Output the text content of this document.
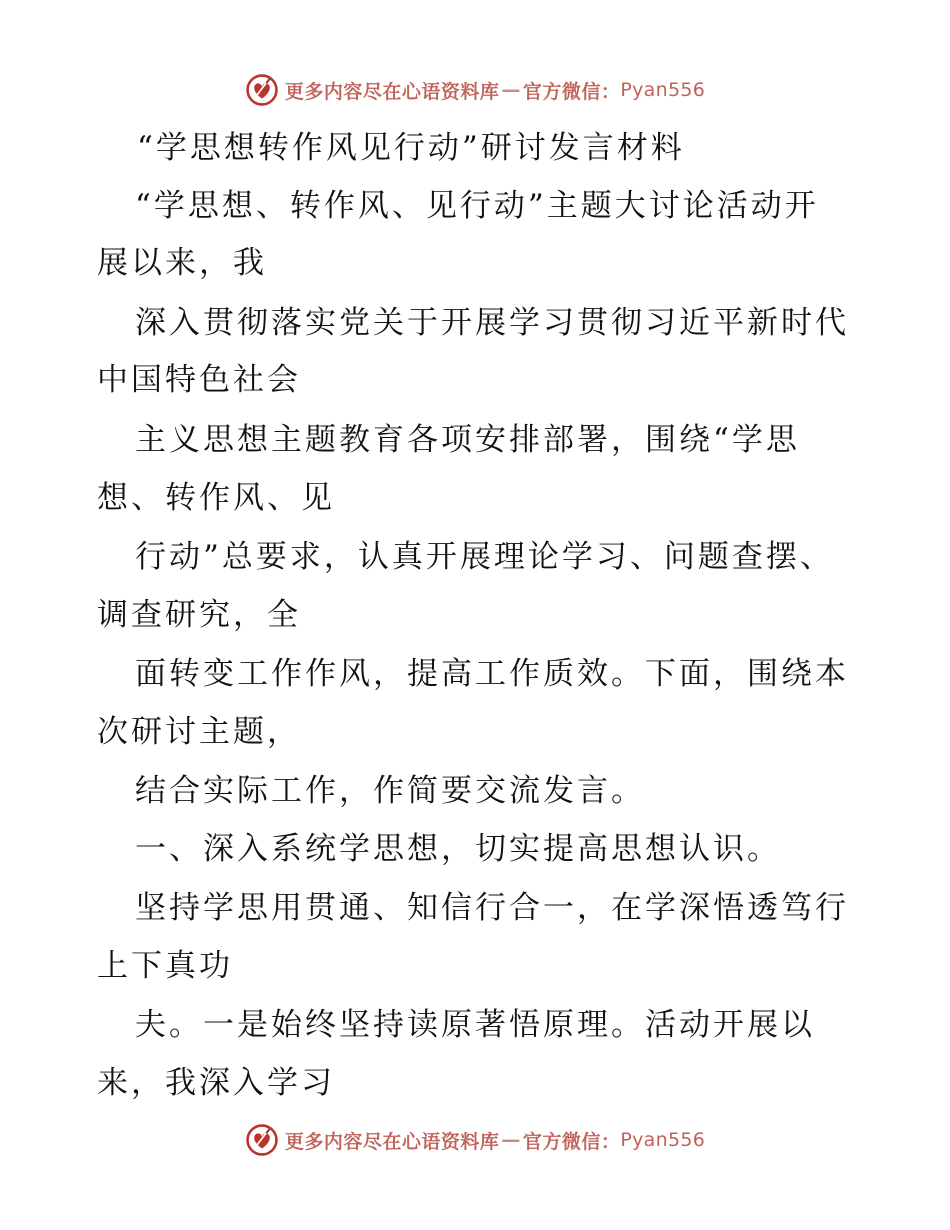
更多内容尽在心语资料库 — 官方微信： Pyan556
“学思想转作风见行动”研讨发言材料
“学思想、转作风、见行动”主题大讨论活动开
展以来，我
深入贯彻落实党关于开展学习贯彻习近平新时代
中国特色社会
主义思想主题教育各项安排部署，围绕“学思
想、转作风、见
行动”总要求，认真开展理论学习、问题查摆、
调查研究，全
面转变工作作风，提高工作质效。下面，围绕本
次研讨主题，
结合实际工作，作简要交流发言。
一、深入系统学思想，切实提高思想认识。
坚持学思用贯通、知信行合一，在学深悟透笃行
上下真功
夫。一是始终坚持读原著悟原理。活动开展以
来，我深入学习
更多内容尽在心语资料库 — 官方微信： Pyan556
